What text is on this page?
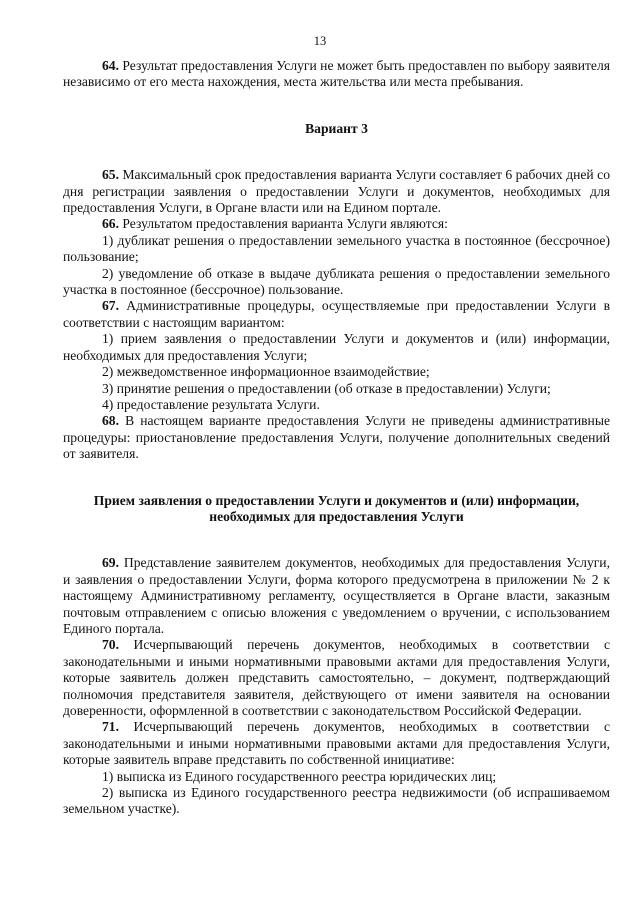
13

64. Результат предоставления Услуги не может быть предоставлен по выбору заявителя независимо от его места нахождения, места жительства или места пребывания.

Вариант 3

65. Максимальный срок предоставления варианта Услуги составляет 6 рабочих дней со дня регистрации заявления о предоставлении Услуги и документов, необходимых для предоставления Услуги, в Органе власти или на Едином портале.

66. Результатом предоставления варианта Услуги являются:

1) дубликат решения о предоставлении земельного участка в постоянное (бессрочное) пользование;

2) уведомление об отказе в выдаче дубликата решения о предоставлении земельного участка в постоянное (бессрочное) пользование.

67. Административные процедуры, осуществляемые при предоставлении Услуги в соответствии с настоящим вариантом:

1) прием заявления о предоставлении Услуги и документов и (или) информации, необходимых для предоставления Услуги;

2) межведомственное информационное взаимодействие;

3) принятие решения о предоставлении (об отказе в предоставлении) Услуги;

4) предоставление результата Услуги.

68. В настоящем варианте предоставления Услуги не приведены административные процедуры: приостановление предоставления Услуги, получение дополнительных сведений от заявителя.

Прием заявления о предоставлении Услуги и документов и (или) информации, необходимых для предоставления Услуги

69. Представление заявителем документов, необходимых для предоставления Услуги, и заявления о предоставлении Услуги, форма которого предусмотрена в приложении № 2 к настоящему Административному регламенту, осуществляется в Органе власти, заказным почтовым отправлением с описью вложения с уведомлением о вручении, с использованием Единого портала.

70. Исчерпывающий перечень документов, необходимых в соответствии с законодательными и иными нормативными правовыми актами для предоставления Услуги, которые заявитель должен представить самостоятельно, – документ, подтверждающий полномочия представителя заявителя, действующего от имени заявителя на основании доверенности, оформленной в соответствии с законодательством Российской Федерации.

71. Исчерпывающий перечень документов, необходимых в соответствии с законодательными и иными нормативными правовыми актами для предоставления Услуги, которые заявитель вправе представить по собственной инициативе:

1) выписка из Единого государственного реестра юридических лиц;

2) выписка из Единого государственного реестра недвижимости (об испрашиваемом земельном участке).
